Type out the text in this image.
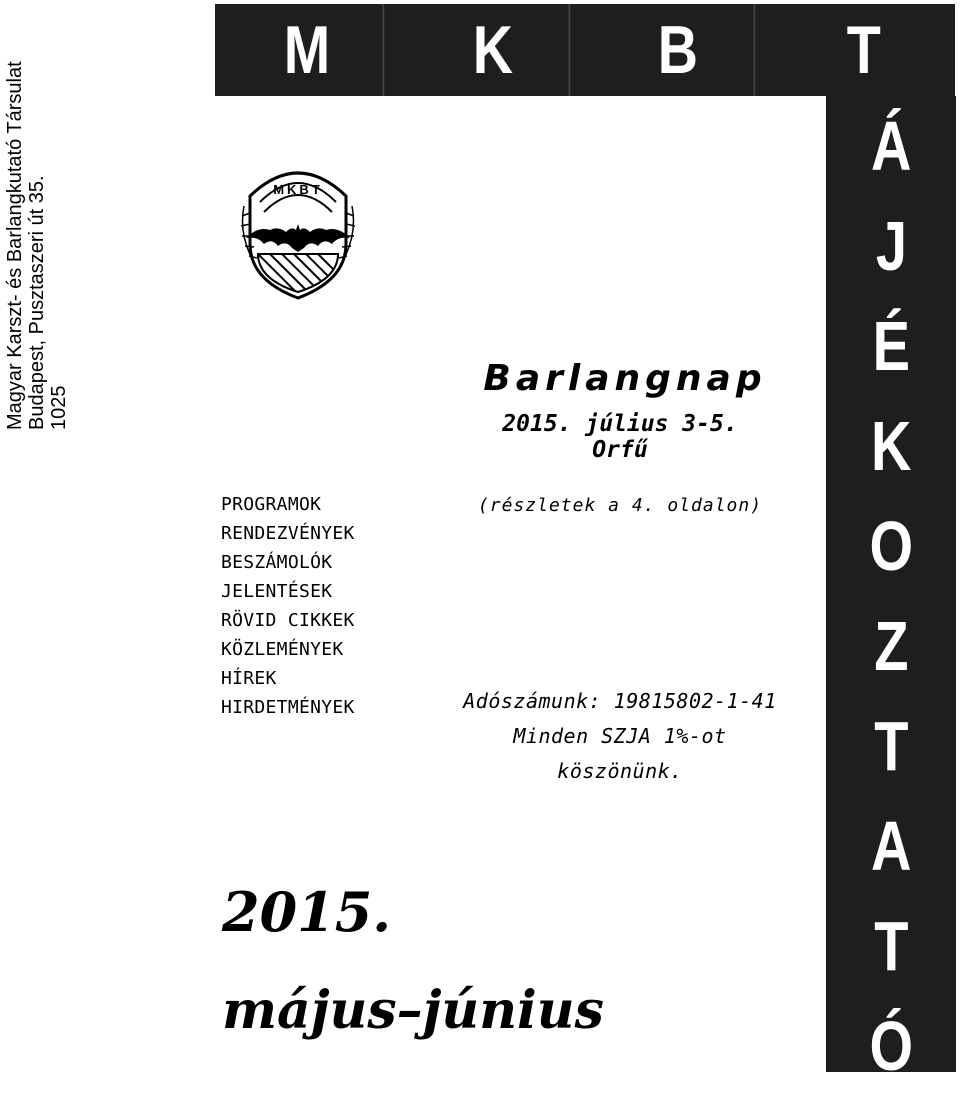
Magyar Karszt- és Barlangkutató Társulat Budapest, Pusztaszeri út 35. 1025
M	K	B	T
Á
J
É
K
O
Z
T
A
T
Ó
MKBT
Barlangnap
2015. július 3-5.
Orfű
(részletek a 4. oldalon)
PROGRAMOK
RENDEZVÉNYEK
BESZÁMOLÓK
JELENTÉSEK
RÖVID CIKKEK
KÖZLEMÉNYEK
HÍREK
HIRDETMÉNYEK	Adószámunk: 19815802-1-41
Minden SZJA 1%-ot
köszönünk.
2015.
május–június
